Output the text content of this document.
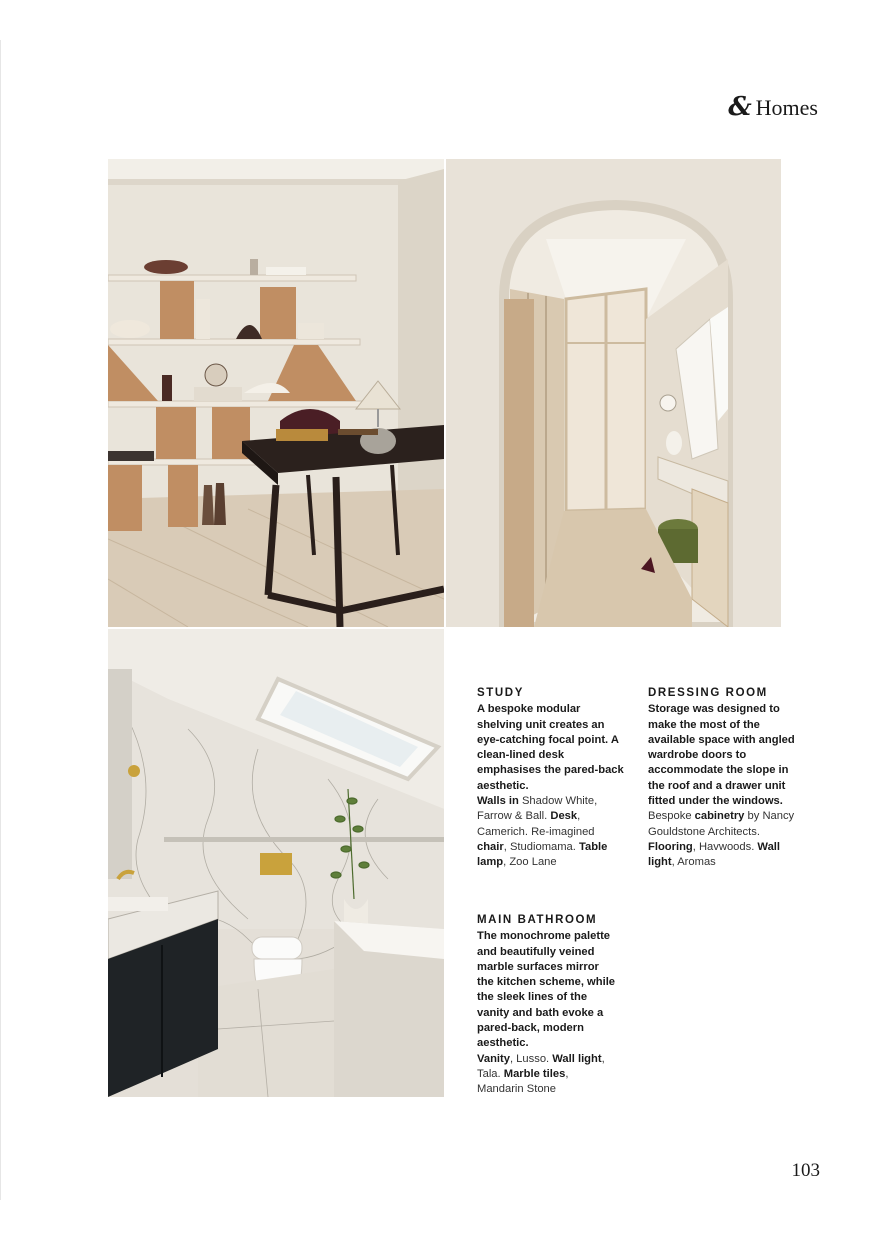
& Homes
STUDY
A bespoke modular shelving unit creates an eye-catching focal point. A clean-lined desk emphasises the pared-back aesthetic.
Walls in Shadow White, Farrow & Ball. Desk, Camerich. Re-imagined chair, Studiomama. Table lamp, Zoo Lane
DRESSING ROOM
Storage was designed to make the most of the available space with angled wardrobe doors to accommodate the slope in the roof and a drawer unit fitted under the windows.
Bespoke cabinetry by Nancy Gouldstone Architects. Flooring, Havwoods. Wall light, Aromas
MAIN BATHROOM
The monochrome palette and beautifully veined marble surfaces mirror the kitchen scheme, while the sleek lines of the vanity and bath evoke a pared-back, modern aesthetic.
Vanity, Lusso. Wall light, Tala. Marble tiles, Mandarin Stone
103
